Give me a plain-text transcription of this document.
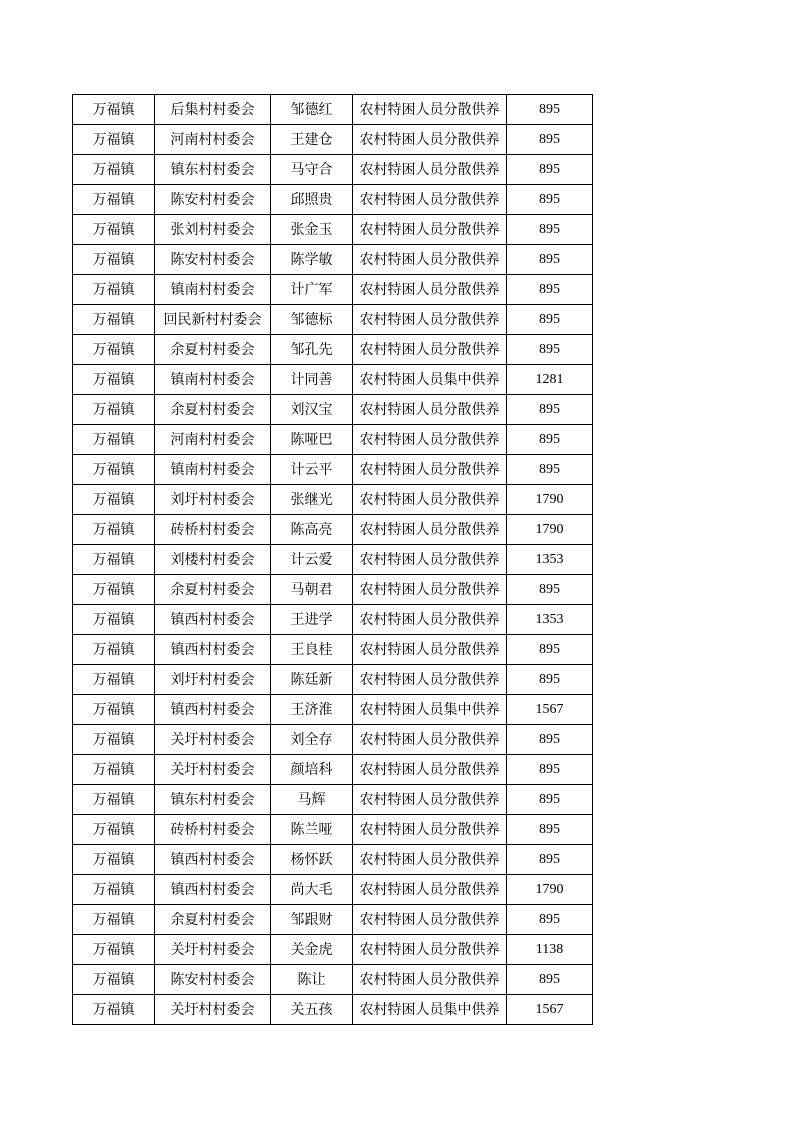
万福镇	后集村村委会	邹德红	农村特困人员分散供养	895
万福镇	河南村村委会	王建仓	农村特困人员分散供养	895
万福镇	镇东村村委会	马守合	农村特困人员分散供养	895
万福镇	陈安村村委会	邱照贵	农村特困人员分散供养	895
万福镇	张刘村村委会	张金玉	农村特困人员分散供养	895
万福镇	陈安村村委会	陈学敏	农村特困人员分散供养	895
万福镇	镇南村村委会	计广军	农村特困人员分散供养	895
万福镇	回民新村村委会	邹德标	农村特困人员分散供养	895
万福镇	余夏村村委会	邹孔先	农村特困人员分散供养	895
万福镇	镇南村村委会	计同善	农村特困人员集中供养	1281
万福镇	余夏村村委会	刘汉宝	农村特困人员分散供养	895
万福镇	河南村村委会	陈哑巴	农村特困人员分散供养	895
万福镇	镇南村村委会	计云平	农村特困人员分散供养	895
万福镇	刘圩村村委会	张继光	农村特困人员分散供养	1790
万福镇	砖桥村村委会	陈高亮	农村特困人员分散供养	1790
万福镇	刘楼村村委会	计云爱	农村特困人员分散供养	1353
万福镇	余夏村村委会	马朝君	农村特困人员分散供养	895
万福镇	镇西村村委会	王进学	农村特困人员分散供养	1353
万福镇	镇西村村委会	王良桂	农村特困人员分散供养	895
万福镇	刘圩村村委会	陈廷新	农村特困人员分散供养	895
万福镇	镇西村村委会	王济淮	农村特困人员集中供养	1567
万福镇	关圩村村委会	刘全存	农村特困人员分散供养	895
万福镇	关圩村村委会	颜培科	农村特困人员分散供养	895
万福镇	镇东村村委会	马辉	农村特困人员分散供养	895
万福镇	砖桥村村委会	陈兰哑	农村特困人员分散供养	895
万福镇	镇西村村委会	杨怀跃	农村特困人员分散供养	895
万福镇	镇西村村委会	尚大毛	农村特困人员分散供养	1790
万福镇	余夏村村委会	邹跟财	农村特困人员分散供养	895
万福镇	关圩村村委会	关金虎	农村特困人员分散供养	1138
万福镇	陈安村村委会	陈让	农村特困人员分散供养	895
万福镇	关圩村村委会	关五孩	农村特困人员集中供养	1567
